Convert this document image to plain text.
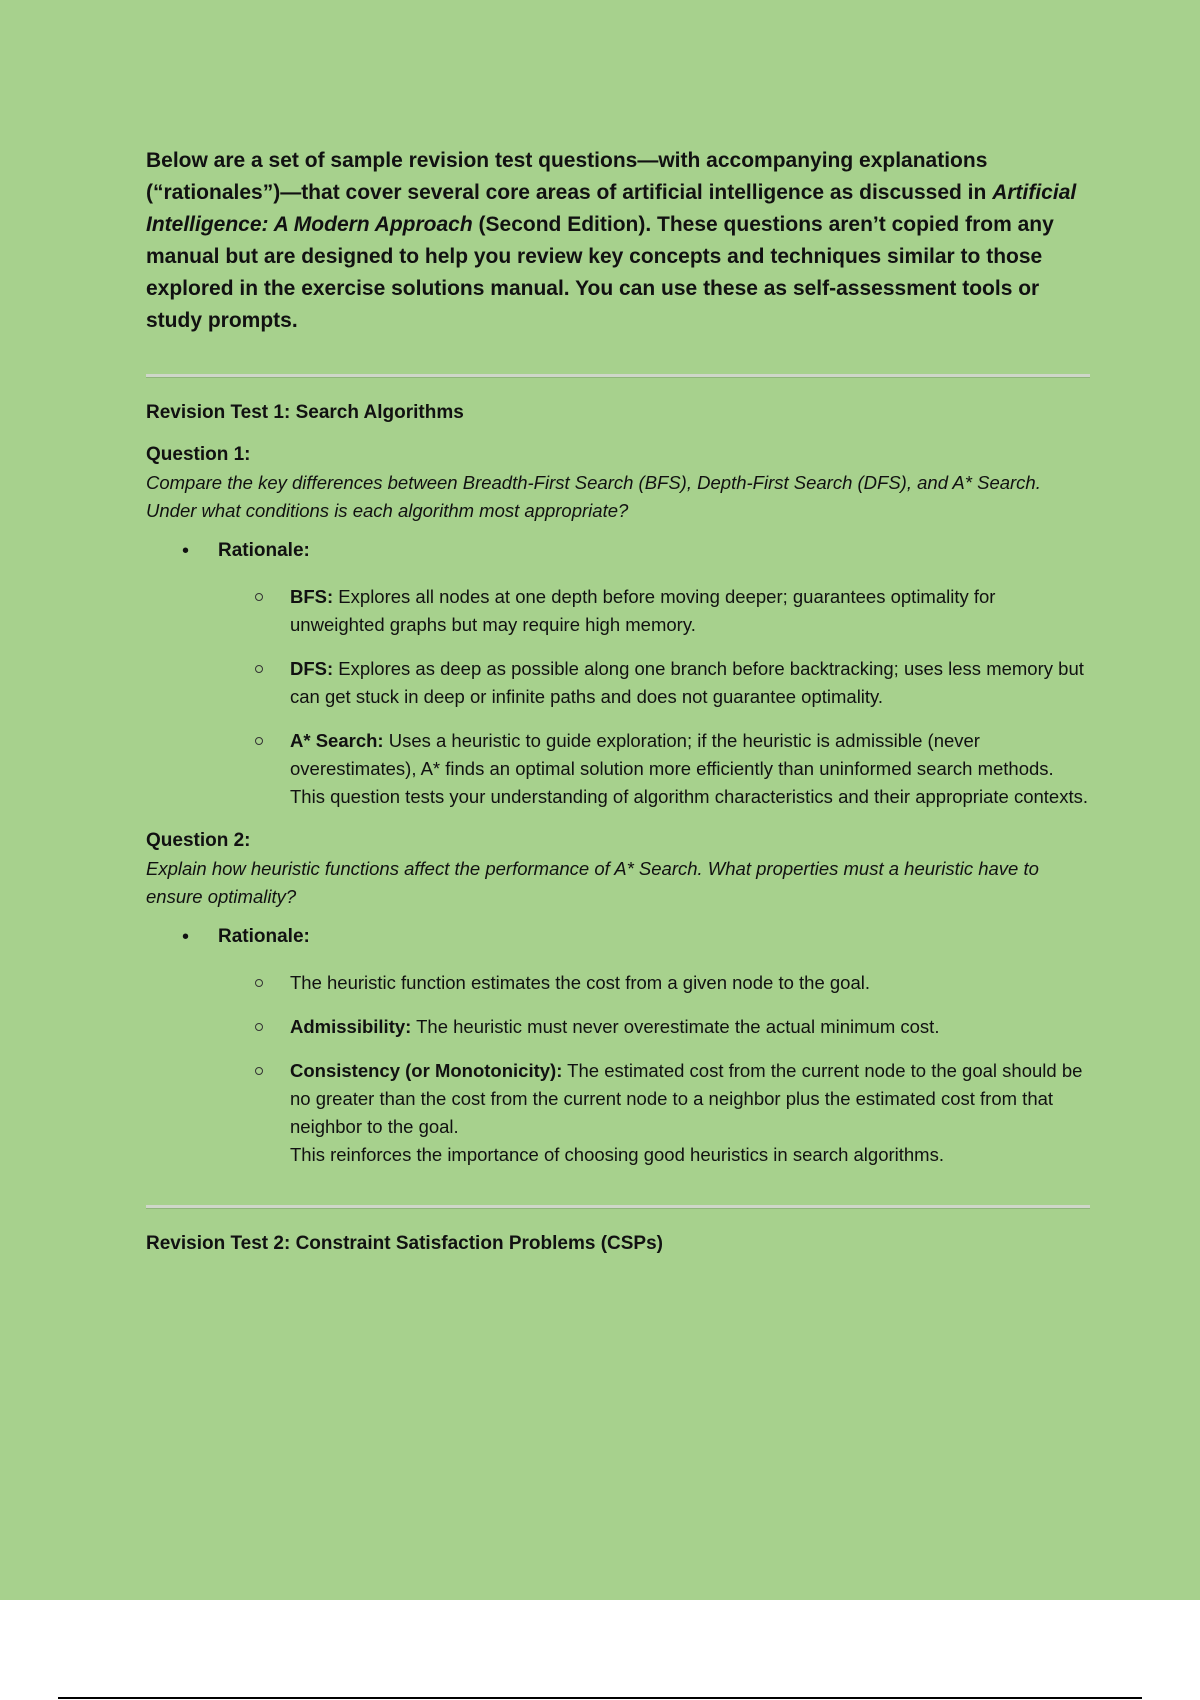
Below are a set of sample revision test questions—with accompanying explanations (“rationales”)—that cover several core areas of artificial intelligence as discussed in Artificial Intelligence: A Modern Approach (Second Edition). These questions aren’t copied from any manual but are designed to help you review key concepts and techniques similar to those explored in the exercise solutions manual. You can use these as self-assessment tools or study prompts.

Revision Test 1: Search Algorithms
Question 1:
Compare the key differences between Breadth-First Search (BFS), Depth-First Search (DFS), and A* Search. Under what conditions is each algorithm most appropriate?
• Rationale:
BFS: Explores all nodes at one depth before moving deeper; guarantees optimality for unweighted graphs but may require high memory.
DFS: Explores as deep as possible along one branch before backtracking; uses less memory but can get stuck in deep or infinite paths and does not guarantee optimality.
A* Search: Uses a heuristic to guide exploration; if the heuristic is admissible (never overestimates), A* finds an optimal solution more efficiently than uninformed search methods.
This question tests your understanding of algorithm characteristics and their appropriate contexts.
Question 2:
Explain how heuristic functions affect the performance of A* Search. What properties must a heuristic have to ensure optimality?
• Rationale:
The heuristic function estimates the cost from a given node to the goal.
Admissibility: The heuristic must never overestimate the actual minimum cost.
Consistency (or Monotonicity): The estimated cost from the current node to the goal should be no greater than the cost from the current node to a neighbor plus the estimated cost from that neighbor to the goal.
This reinforces the importance of choosing good heuristics in search algorithms.
Revision Test 2: Constraint Satisfaction Problems (CSPs)
